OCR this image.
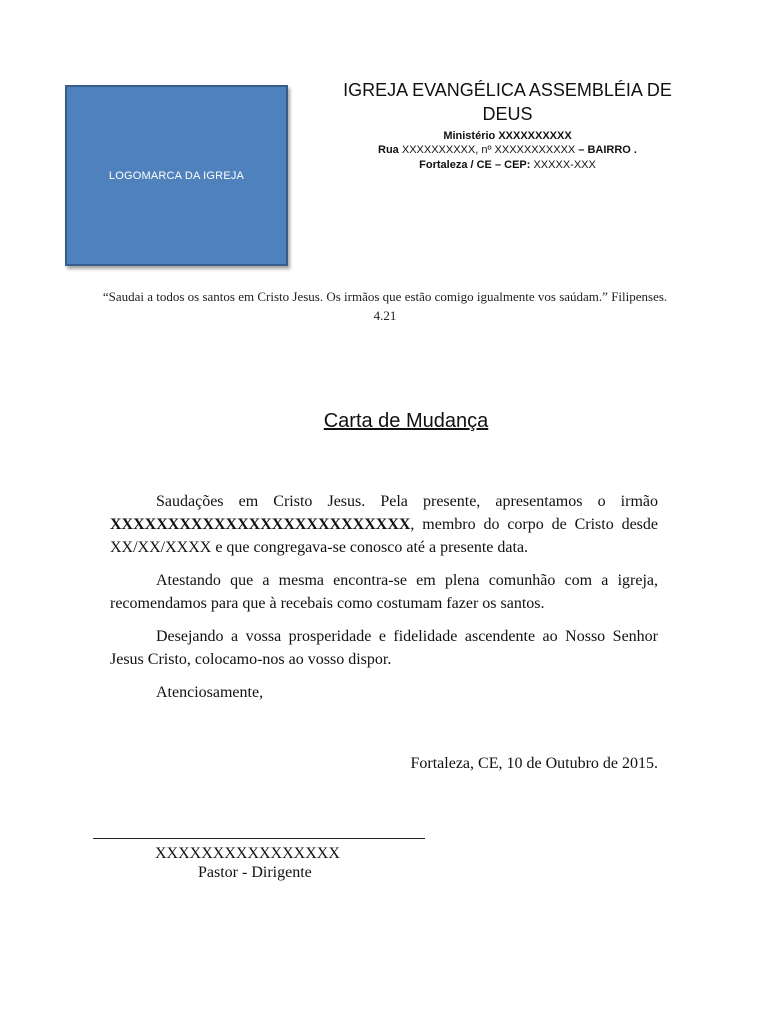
LOGOMARCA DA IGREJA
IGREJA EVANGÉLICA ASSEMBLÉIA DE DEUS
Ministério XXXXXXXXXX
Rua XXXXXXXXXX, nº XXXXXXXXXXX – BAIRRO .
Fortaleza / CE – CEP: XXXXX-XXX
“Saudai a todos os santos em Cristo Jesus. Os irmãos que estão comigo igualmente vos saúdam.” Filipenses. 4.21
Carta de Mudança

Saudações em Cristo Jesus. Pela presente, apresentamos o irmão XXXXXXXXXXXXXXXXXXXXXXXXXX, membro do corpo de Cristo desde XX/XX/XXXX e que congregava-se conosco até a presente data.

Atestando que a mesma encontra-se em plena comunhão com a igreja, recomendamos para que à recebais como costumam fazer os santos.

Desejando a vossa prosperidade e fidelidade ascendente ao Nosso Senhor Jesus Cristo, colocamo-nos ao vosso dispor.

Atenciosamente,

Fortaleza, CE, 10 de Outubro de 2015.
XXXXXXXXXXXXXXXX
Pastor - Dirigente
